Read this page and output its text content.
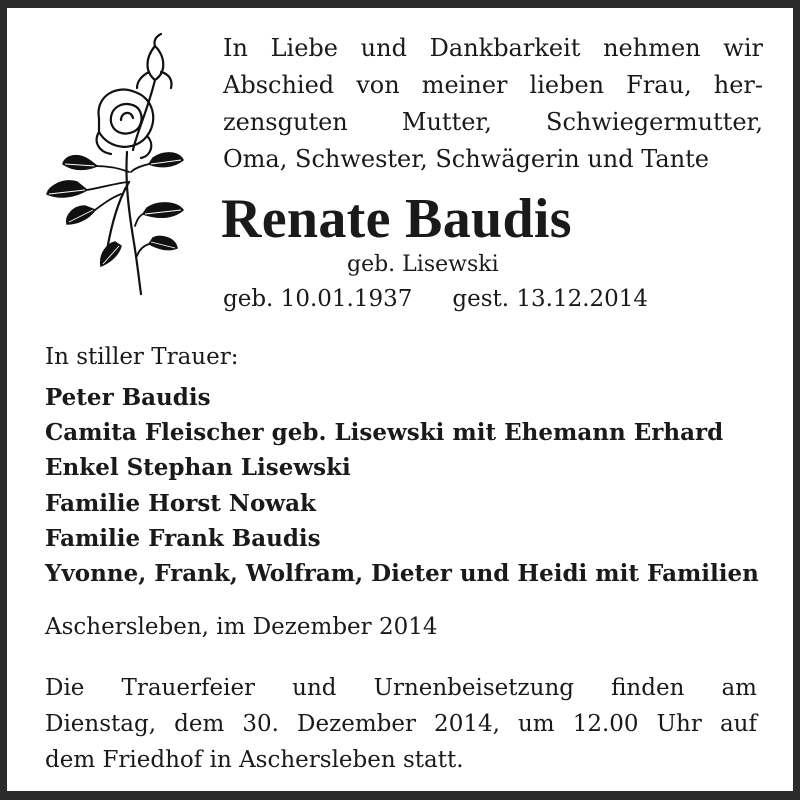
In Liebe und Dankbarkeit nehmen wir
Abschied von meiner lieben Frau, her-
zensguten Mutter, Schwiegermutter,
Oma, Schwester, Schwägerin und Tante
Renate Baudis
geb. Lisewski
geb. 10.01.1937 gest. 13.12.2014
In stiller Trauer:
Peter Baudis
Camita Fleischer geb. Lisewski mit Ehemann Erhard
Enkel Stephan Lisewski
Familie Horst Nowak
Familie Frank Baudis
Yvonne, Frank, Wolfram, Dieter und Heidi mit Familien
Aschersleben, im Dezember 2014
Die Trauerfeier und Urnenbeisetzung finden am
Dienstag, dem 30. Dezember 2014, um 12.00 Uhr auf
dem Friedhof in Aschersleben statt.
